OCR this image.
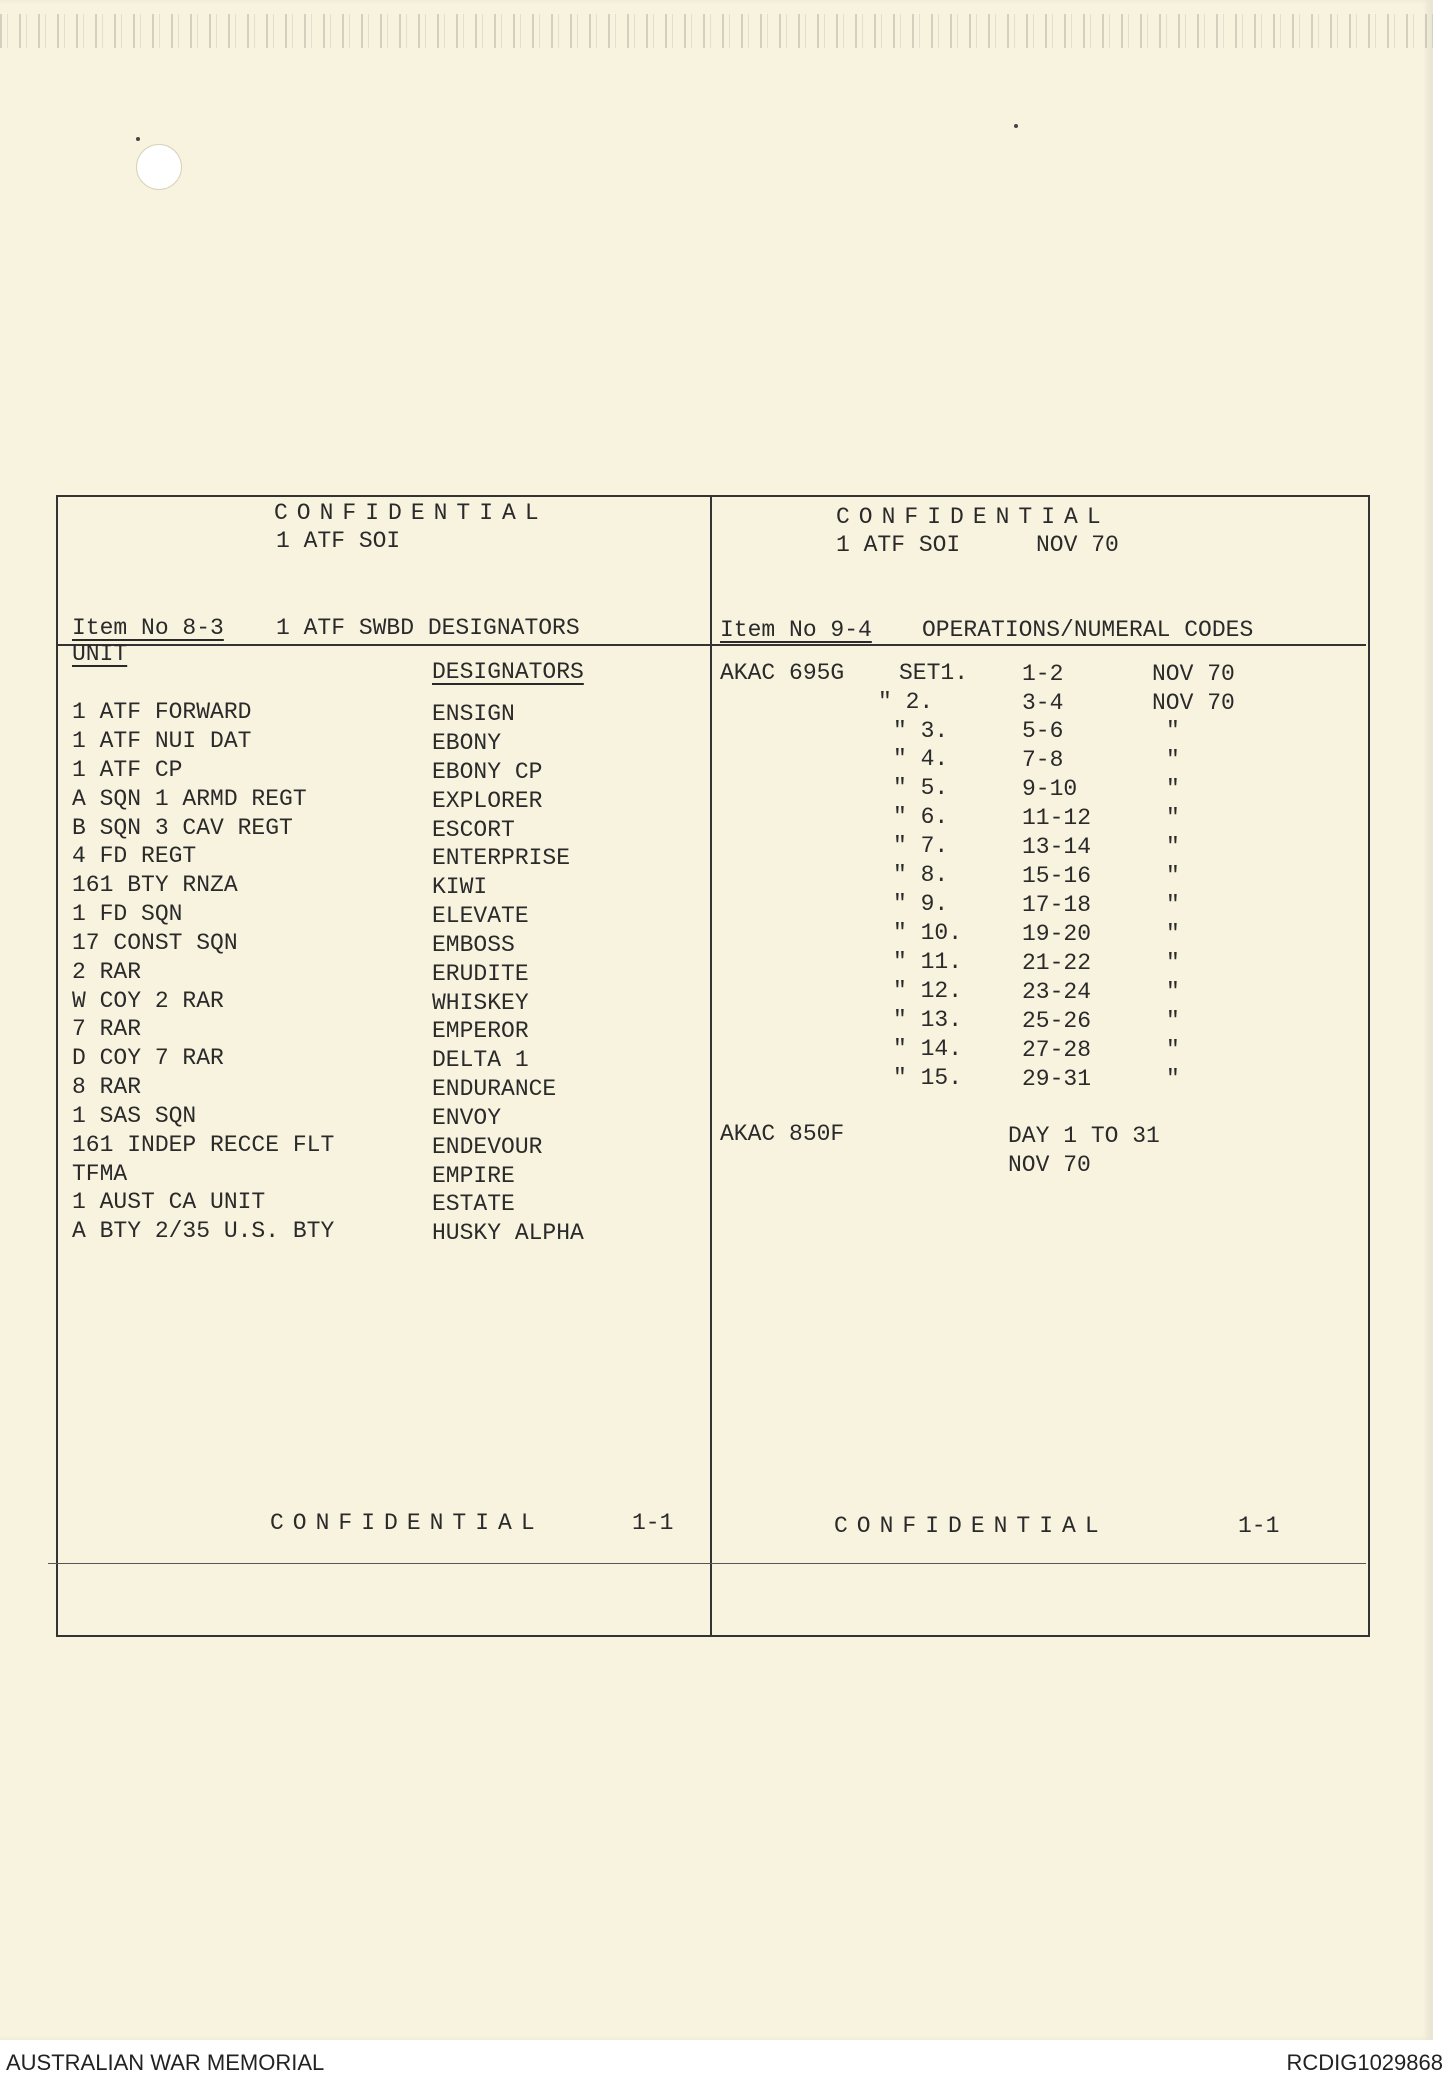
CONFIDENTIAL
1 ATF SOI
CONFIDENTIAL
1 ATF SOI	NOV 70
Item No 8-3 1 ATF SWBD DESIGNATORS
UNIT
DESIGNATORS
1 ATF FORWARD	ENSIGN
1 ATF NUI DAT	EBONY
1 ATF CP	EBONY CP
A SQN 1 ARMD REGT	EXPLORER
B SQN 3 CAV REGT	ESCORT
4 FD REGT	ENTERPRISE
161 BTY RNZA	KIWI
1 FD SQN	ELEVATE
17 CONST SQN	EMBOSS
2 RAR	ERUDITE
W COY 2 RAR	WHISKEY
7 RAR	EMPEROR
D COY 7 RAR	DELTA 1
8 RAR	ENDURANCE
1 SAS SQN	ENVOY
161 INDEP RECCE FLT	ENDEVOUR
TFMA	EMPIRE
1 AUST CA UNIT	ESTATE
A BTY 2/35 U.S. BTY	HUSKY ALPHA
Item No 9-4 OPERATIONS/NUMERAL CODES
AKAC 695G	SET1. 1-2	NOV 70
" 2.	3-4	NOV 70
" 3.	5-6	"
" 4.	7-8	"
" 5.	9-10	"
" 6.	11-12	"
" 7.	13-14	"
" 8.	15-16	"
" 9.	17-18	"
" 10.	19-20	"
" 11.	21-22	"
" 12.	23-24	"
" 13.	25-26	"
" 14.	27-28	"
" 15.	29-31	"
AKAC 850F	DAY 1 TO 31
NOV 70
CONFIDENTIAL	1-1	CONFIDENTIAL	1-1
AUSTRALIAN WAR MEMORIAL	RCDIG1029868
